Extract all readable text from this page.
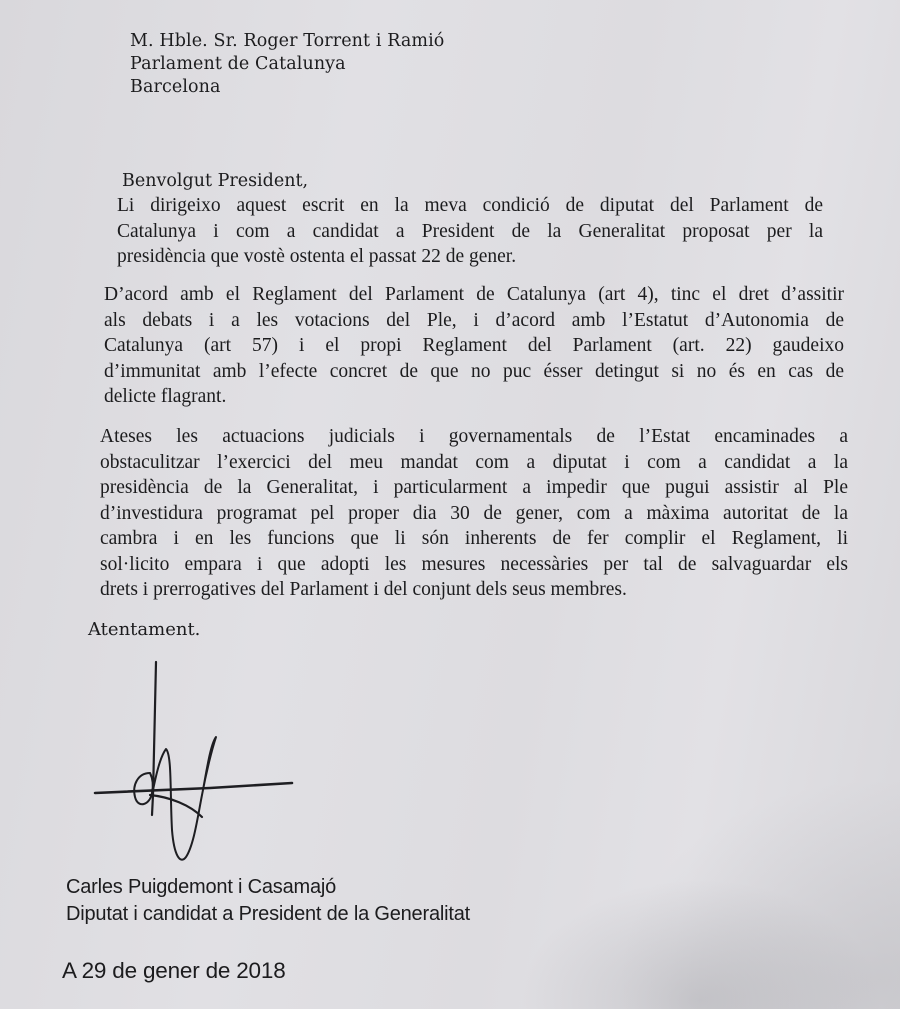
M. Hble. Sr. Roger Torrent i Ramió
Parlament de Catalunya
Barcelona
Benvolgut President,
Li dirigeixo aquest escrit en la meva condició de diputat del Parlament de
Catalunya i com a candidat a President de la Generalitat proposat per la
presidència que vostè ostenta el passat 22 de gener.
D’acord amb el Reglament del Parlament de Catalunya (art 4), tinc el dret d’assitir
als debats i a les votacions del Ple, i d’acord amb l’Estatut d’Autonomia de
Catalunya (art 57) i el propi Reglament del Parlament (art. 22) gaudeixo
d’immunitat amb l’efecte concret de que no puc ésser detingut si no és en cas de
delicte flagrant.
Ateses les actuacions judicials i governamentals de l’Estat encaminades a
obstaculitzar l’exercici del meu mandat com a diputat i com a candidat a la
presidència de la Generalitat, i particularment a impedir que pugui assistir al Ple
d’investidura programat pel proper dia 30 de gener, com a màxima autoritat de la
cambra i en les funcions que li són inherents de fer complir el Reglament, li
sol·licito empara i que adopti les mesures necessàries per tal de salvaguardar els
drets i prerrogatives del Parlament i del conjunt dels seus membres.
Atentament.
Carles Puigdemont i Casamajó
Diputat i candidat a President de la Generalitat
A 29 de gener de 2018
